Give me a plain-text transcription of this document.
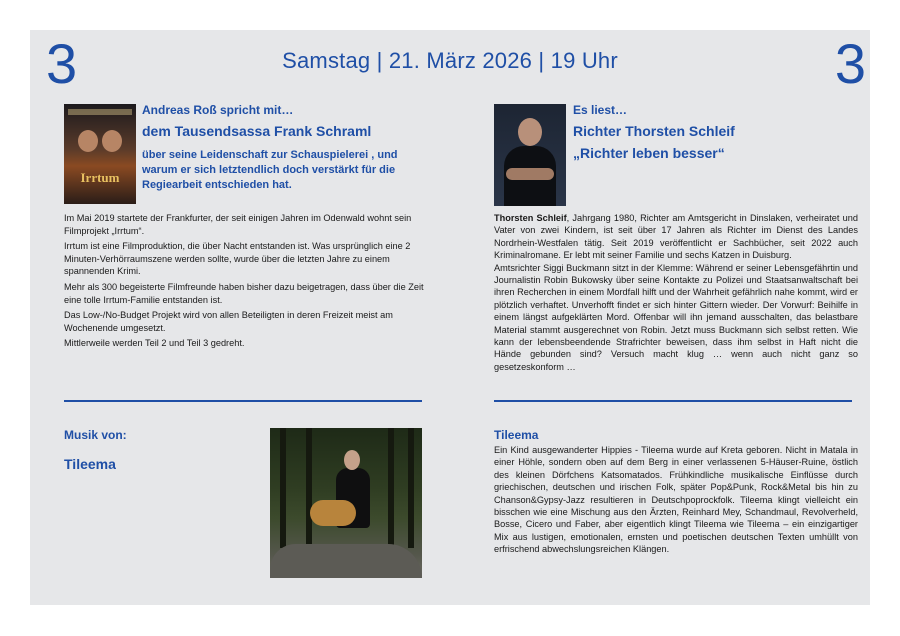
3	3
Samstag | 21. März 2026 | 19 Uhr
Irrtum
Andreas Roß spricht mit…
dem Tausendsassa Frank Schraml
über seine Leidenschaft zur Schauspielerei , und warum er sich letztendlich doch verstärkt für die Regiearbeit entschieden hat.

Im Mai 2019 startete der Frankfurter, der seit einigen Jahren im Odenwald wohnt sein Filmprojekt „Irrtum“.

Irrtum ist eine Filmproduktion, die über Nacht entstanden ist. Was ursprünglich eine 2 Minuten-Verhörraumszene werden sollte, wurde über die letzten Jahre zu einem spannenden Krimi.

Mehr als 300 begeisterte Filmfreunde haben bisher dazu beigetragen, dass über die Zeit eine tolle Irrtum-Familie entstanden ist.

Das Low-/No-Budget Projekt wird von allen Beteiligten in deren Freizeit meist am Wochenende umgesetzt.

Mittlerweile werden Teil 2 und Teil 3 gedreht.

Es liest…
Richter Thorsten Schleif
„Richter leben besser“

Thorsten Schleif, Jahrgang 1980, Richter am Amtsgericht in Dinslaken, verheiratet und Vater von zwei Kindern, ist seit über 17 Jahren als Richter im Dienst des Landes Nordrhein-Westfalen tätig. Seit 2019 veröffentlicht er Sachbücher, seit 2022 auch Kriminalromane. Er lebt mit seiner Familie und sechs Katzen in Duisburg.

Amtsrichter Siggi Buckmann sitzt in der Klemme: Während er seiner Lebensgefährtin und Journalistin Robin Bukowsky über seine Kontakte zu Polizei und Staatsanwaltschaft bei ihren Recherchen in einem Mordfall hilft und der Wahrheit gefährlich nahe kommt, wird er plötzlich verhaftet. Unverhofft findet er sich hinter Gittern wieder. Der Vorwurf: Beihilfe in einem längst aufgeklärten Mord. Offenbar will ihn jemand ausschalten, das belastbare Material stammt ausgerechnet von Robin. Jetzt muss Buckmann sich selbst retten. Wie kann der lebensbeendende Strafrichter beweisen, dass ihm selbst in Haft nicht die Hände gebunden sind? Versuch macht klug … wenn auch nicht ganz so gesetzeskonform …

Musik von:
Tileema
Tileema
Ein Kind ausgewanderter Hippies - Tileema wurde auf Kreta geboren. Nicht in Matala in einer Höhle, sondern oben auf dem Berg in einer verlassenen 5-Häuser-Ruine, östlich des kleinen Dörfchens Katsomatados. Frühkindliche musikalische Einflüsse durch griechischen, deutschen und irischen Folk, später Pop&Punk, Rock&Metal bis hin zu Chanson&Gypsy-Jazz resultieren in Deutschpoprockfolk. Tileema klingt vielleicht ein bisschen wie eine Mischung aus den Ärzten, Reinhard Mey, Schandmaul, Revolverheld, Bosse, Cicero und Faber, aber eigentlich klingt Tileema wie Tileema – ein einzigartiger Mix aus lustigen, emotionalen, ernsten und poetischen deutschen Texten umhüllt von erfrischend abwechslungsreichen Klängen.
